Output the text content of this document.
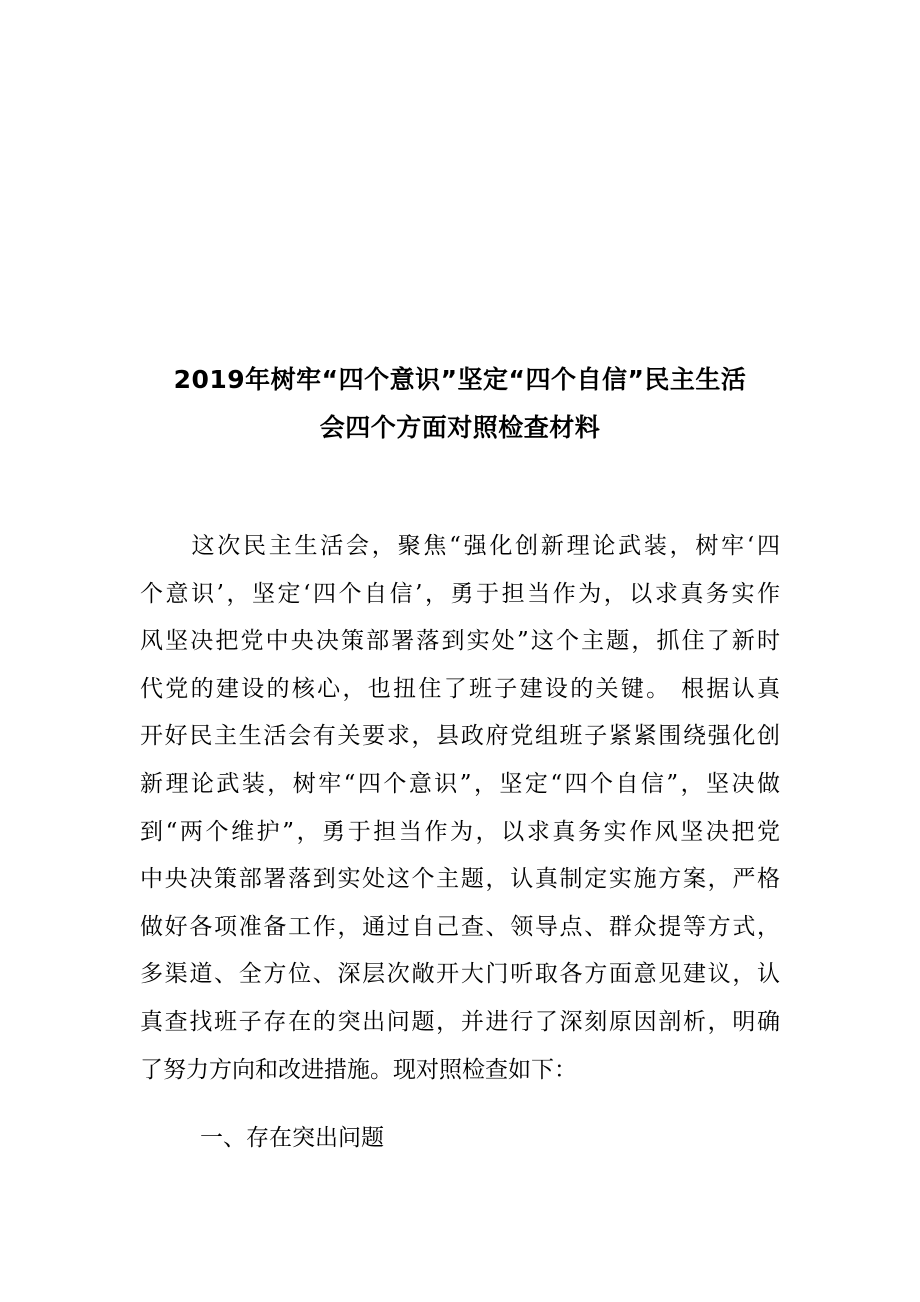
2019年树牢“四个意识”坚定“四个自信”民主生活
会四个方面对照检查材料
　　这次民主生活会，聚焦“强化创新理论武装，树牢‘四
个意识’，坚定‘四个自信’，勇于担当作为，以求真务实作
风坚决把党中央决策部署落到实处”这个主题，抓住了新时
代党的建设的核心，也扭住了班子建设的关键。 根据认真
开好民主生活会有关要求，县政府党组班子紧紧围绕强化创
新理论武装，树牢“四个意识”，坚定“四个自信”，坚决做
到“两个维护”，勇于担当作为，以求真务实作风坚决把党
中央决策部署落到实处这个主题，认真制定实施方案，严格
做好各项准备工作，通过自己查、领导点、群众提等方式，
多渠道、全方位、深层次敞开大门听取各方面意见建议，认
真查找班子存在的突出问题，并进行了深刻原因剖析，明确
了努力方向和改进措施。现对照检查如下：
一、存在突出问题
